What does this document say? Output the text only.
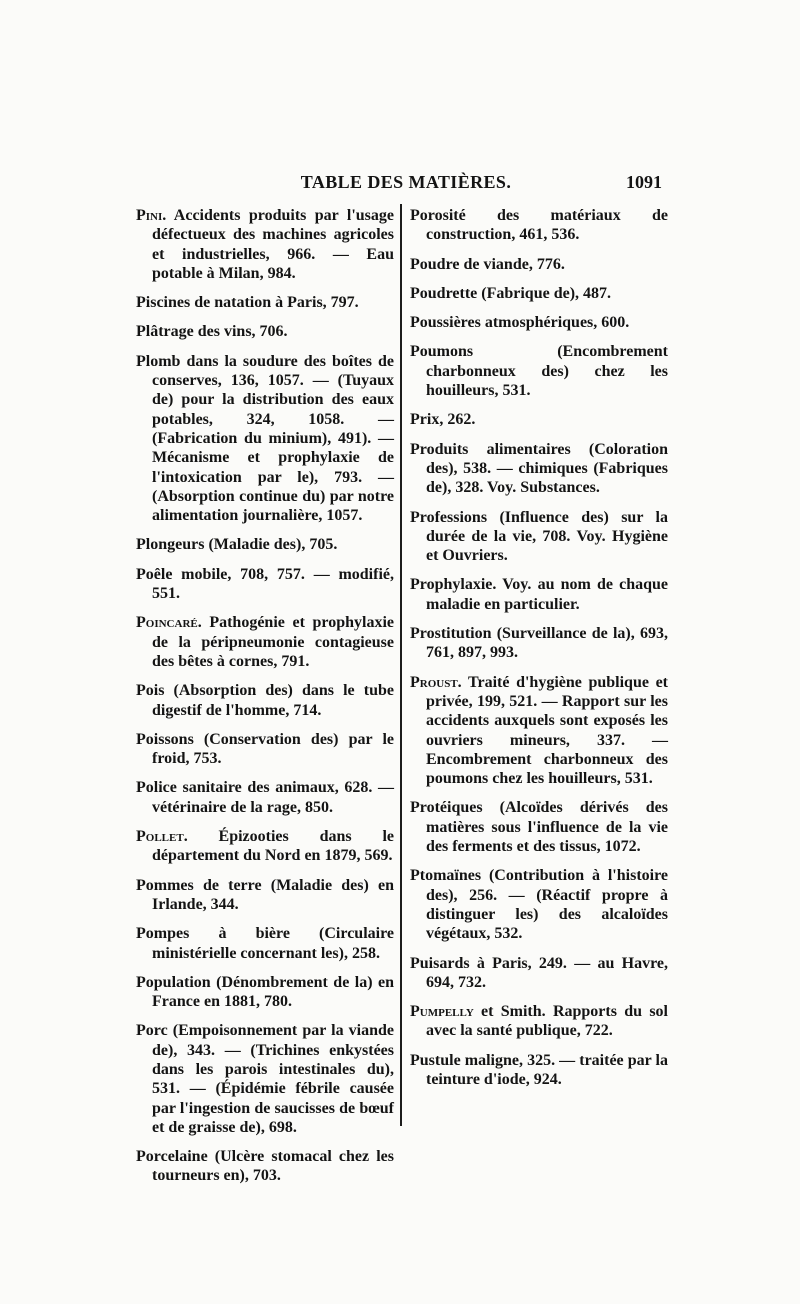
TABLE DES MATIÈRES.	1091

Pini. Accidents produits par l'usage défectueux des machines agricoles et industrielles, 966. — Eau potable à Milan, 984.

Piscines de natation à Paris, 797.

Plâtrage des vins, 706.

Plomb dans la soudure des boîtes de conserves, 136, 1057. — (Tuyaux de) pour la distribution des eaux potables, 324, 1058. — (Fabrication du minium), 491). — Mécanisme et prophylaxie de l'intoxication par le), 793. — (Absorption continue du) par notre alimentation journalière, 1057.

Plongeurs (Maladie des), 705.

Poêle mobile, 708, 757. — modifié, 551.

Poincaré. Pathogénie et prophylaxie de la péripneumonie contagieuse des bêtes à cornes, 791.

Pois (Absorption des) dans le tube digestif de l'homme, 714.

Poissons (Conservation des) par le froid, 753.

Police sanitaire des animaux, 628. — vétérinaire de la rage, 850.

Pollet. Épizooties dans le département du Nord en 1879, 569.

Pommes de terre (Maladie des) en Irlande, 344.

Pompes à bière (Circulaire ministérielle concernant les), 258.

Population (Dénombrement de la) en France en 1881, 780.

Porc (Empoisonnement par la viande de), 343. — (Trichines enkystées dans les parois intestinales du), 531. — (Épidémie fébrile causée par l'ingestion de saucisses de bœuf et de graisse de), 698.

Porcelaine (Ulcère stomacal chez les tourneurs en), 703.

Porosité des matériaux de construction, 461, 536.

Poudre de viande, 776.

Poudrette (Fabrique de), 487.

Poussières atmosphériques, 600.

Poumons (Encombrement charbonneux des) chez les houilleurs, 531.

Prix, 262.

Produits alimentaires (Coloration des), 538. — chimiques (Fabriques de), 328. Voy. Substances.

Professions (Influence des) sur la durée de la vie, 708. Voy. Hygiène et Ouvriers.

Prophylaxie. Voy. au nom de chaque maladie en particulier.

Prostitution (Surveillance de la), 693, 761, 897, 993.

Proust. Traité d'hygiène publique et privée, 199, 521. — Rapport sur les accidents auxquels sont exposés les ouvriers mineurs, 337. — Encombrement charbonneux des poumons chez les houilleurs, 531.

Protéiques (Alcoïdes dérivés des matières sous l'influence de la vie des ferments et des tissus, 1072.

Ptomaïnes (Contribution à l'histoire des), 256. — (Réactif propre à distinguer les) des alcaloïdes végétaux, 532.

Puisards à Paris, 249. — au Havre, 694, 732.

Pumpelly et Smith. Rapports du sol avec la santé publique, 722.

Pustule maligne, 325. — traitée par la teinture d'iode, 924.
